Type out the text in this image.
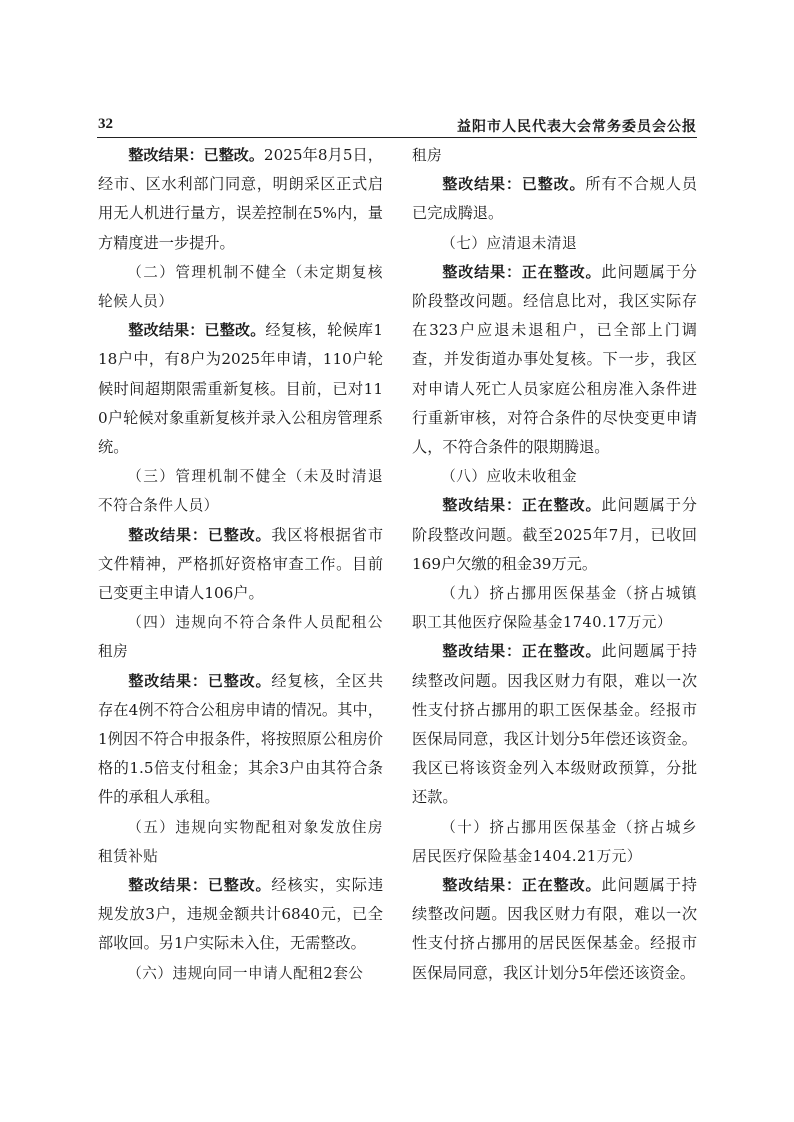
32	益阳市人民代表大会常务委员会公报

整改结果：已整改。2025年8月5日，经市、区水利部门同意，明朗采区正式启用无人机进行量方，误差控制在5%内，量方精度进一步提升。

（二）管理机制不健全（未定期复核轮候人员）

整改结果：已整改。经复核，轮候库118户中，有8户为2025年申请，110户轮候时间超期限需重新复核。目前，已对110户轮候对象重新复核并录入公租房管理系统。

（三）管理机制不健全（未及时清退不符合条件人员）

整改结果：已整改。我区将根据省市文件精神，严格抓好资格审查工作。目前已变更主申请人106户。

（四）违规向不符合条件人员配租公租房

整改结果：已整改。经复核，全区共存在4例不符合公租房申请的情况。其中，1例因不符合申报条件，将按照原公租房价格的1.5倍支付租金；其余3户由其符合条件的承租人承租。

（五）违规向实物配租对象发放住房租赁补贴

整改结果：已整改。经核实，实际违规发放3户，违规金额共计6840元，已全部收回。另1户实际未入住，无需整改。

（六）违规向同一申请人配租2套公

租房

整改结果：已整改。所有不合规人员已完成腾退。

（七）应清退未清退

整改结果：正在整改。此问题属于分阶段整改问题。经信息比对，我区实际存在323户应退未退租户，已全部上门调查，并发街道办事处复核。下一步，我区对申请人死亡人员家庭公租房准入条件进行重新审核，对符合条件的尽快变更申请人，不符合条件的限期腾退。

（八）应收未收租金

整改结果：正在整改。此问题属于分阶段整改问题。截至2025年7月，已收回169户欠缴的租金39万元。

（九）挤占挪用医保基金（挤占城镇职工其他医疗保险基金1740.17万元）

整改结果：正在整改。此问题属于持续整改问题。因我区财力有限，难以一次性支付挤占挪用的职工医保基金。经报市医保局同意，我区计划分5年偿还该资金。我区已将该资金列入本级财政预算，分批还款。

（十）挤占挪用医保基金（挤占城乡居民医疗保险基金1404.21万元）

整改结果：正在整改。此问题属于持续整改问题。因我区财力有限，难以一次性支付挤占挪用的居民医保基金。经报市医保局同意，我区计划分5年偿还该资金。
